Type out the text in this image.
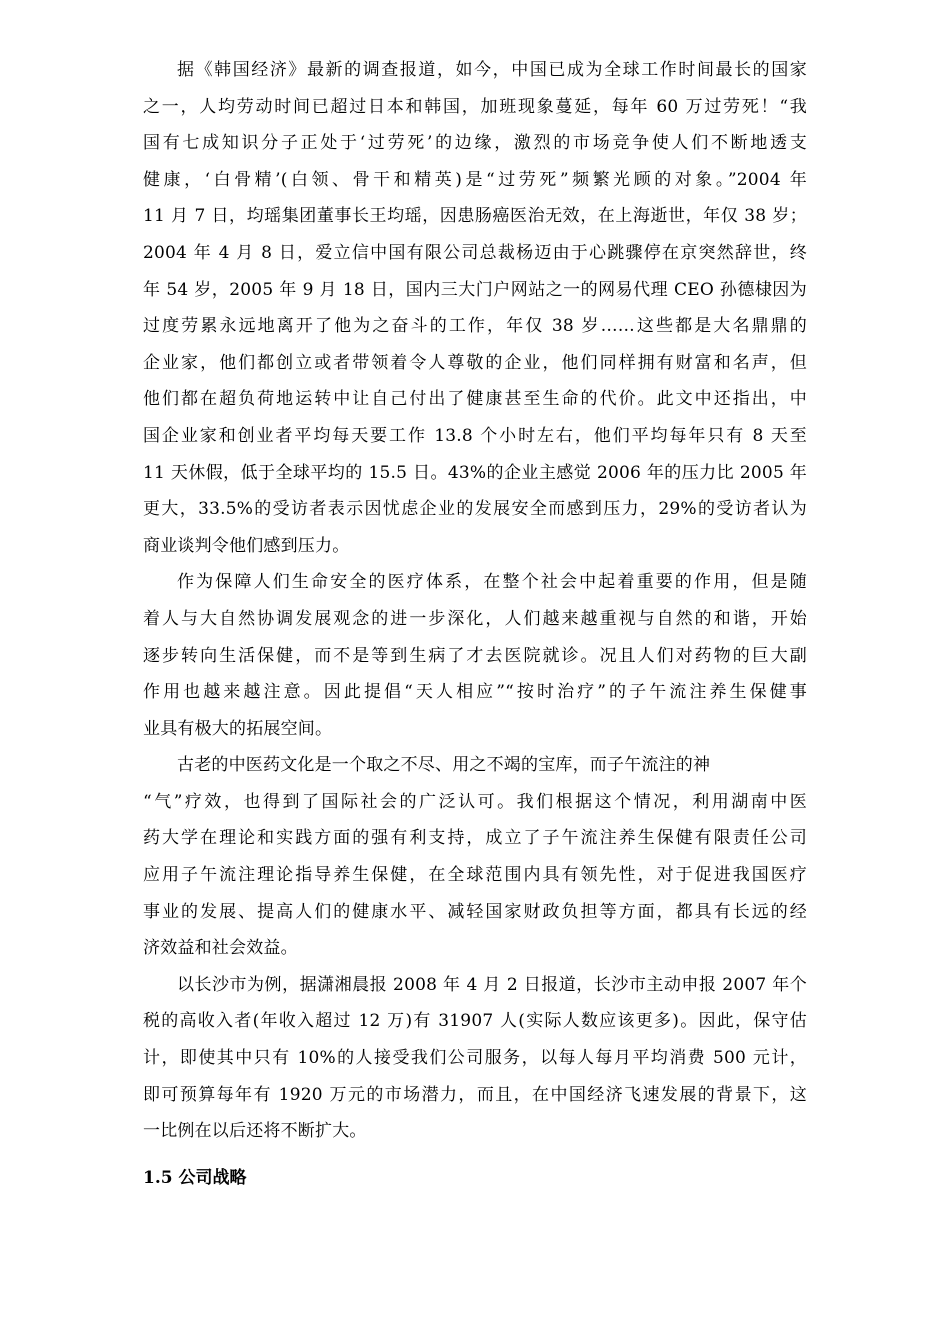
据《韩国经济》最新的调查报道，如今，中国已成为全球工作时间最长的国家
之一，人均劳动时间已超过日本和韩国，加班现象蔓延，每年 60 万过劳死！“我
国有七成知识分子正处于‘过劳死’的边缘，激烈的市场竞争使人们不断地透支
健康，‘白骨精’(白领、骨干和精英)是“过劳死”频繁光顾的对象。”2004 年
11 月 7 日，均瑶集团董事长王均瑶，因患肠癌医治无效，在上海逝世，年仅 38 岁；
2004 年 4 月 8 日，爱立信中国有限公司总裁杨迈由于心跳骤停在京突然辞世，终
年 54 岁，2005 年 9 月 18 日，国内三大门户网站之一的网易代理 CEO 孙德棣因为
过度劳累永远地离开了他为之奋斗的工作，年仅 38 岁……这些都是大名鼎鼎的
企业家，他们都创立或者带领着令人尊敬的企业，他们同样拥有财富和名声，但
他们都在超负荷地运转中让自己付出了健康甚至生命的代价。此文中还指出，中
国企业家和创业者平均每天要工作 13.8 个小时左右，他们平均每年只有 8 天至
11 天休假，低于全球平均的 15.5 日。43%的企业主感觉 2006 年的压力比 2005 年
更大，33.5%的受访者表示因忧虑企业的发展安全而感到压力，29%的受访者认为
商业谈判令他们感到压力。

作为保障人们生命安全的医疗体系，在整个社会中起着重要的作用，但是随
着人与大自然协调发展观念的进一步深化，人们越来越重视与自然的和谐，开始
逐步转向生活保健，而不是等到生病了才去医院就诊。况且人们对药物的巨大副
作用也越来越注意。因此提倡“天人相应”“按时治疗”的子午流注养生保健事
业具有极大的拓展空间。

古老的中医药文化是一个取之不尽、用之不竭的宝库，而子午流注的神
“气”疗效，也得到了国际社会的广泛认可。我们根据这个情况，利用湖南中医
药大学在理论和实践方面的强有利支持，成立了子午流注养生保健有限责任公司
应用子午流注理论指导养生保健，在全球范围内具有领先性，对于促进我国医疗
事业的发展、提高人们的健康水平、减轻国家财政负担等方面，都具有长远的经
济效益和社会效益。

以长沙市为例，据潇湘晨报 2008 年 4 月 2 日报道，长沙市主动申报 2007 年个
税的高收入者(年收入超过 12 万)有 31907 人(实际人数应该更多)。因此，保守估
计，即使其中只有 10%的人接受我们公司服务，以每人每月平均消费 500 元计，
即可预算每年有 1920 万元的市场潜力，而且，在中国经济飞速发展的背景下，这
一比例在以后还将不断扩大。

1.5 公司战略
